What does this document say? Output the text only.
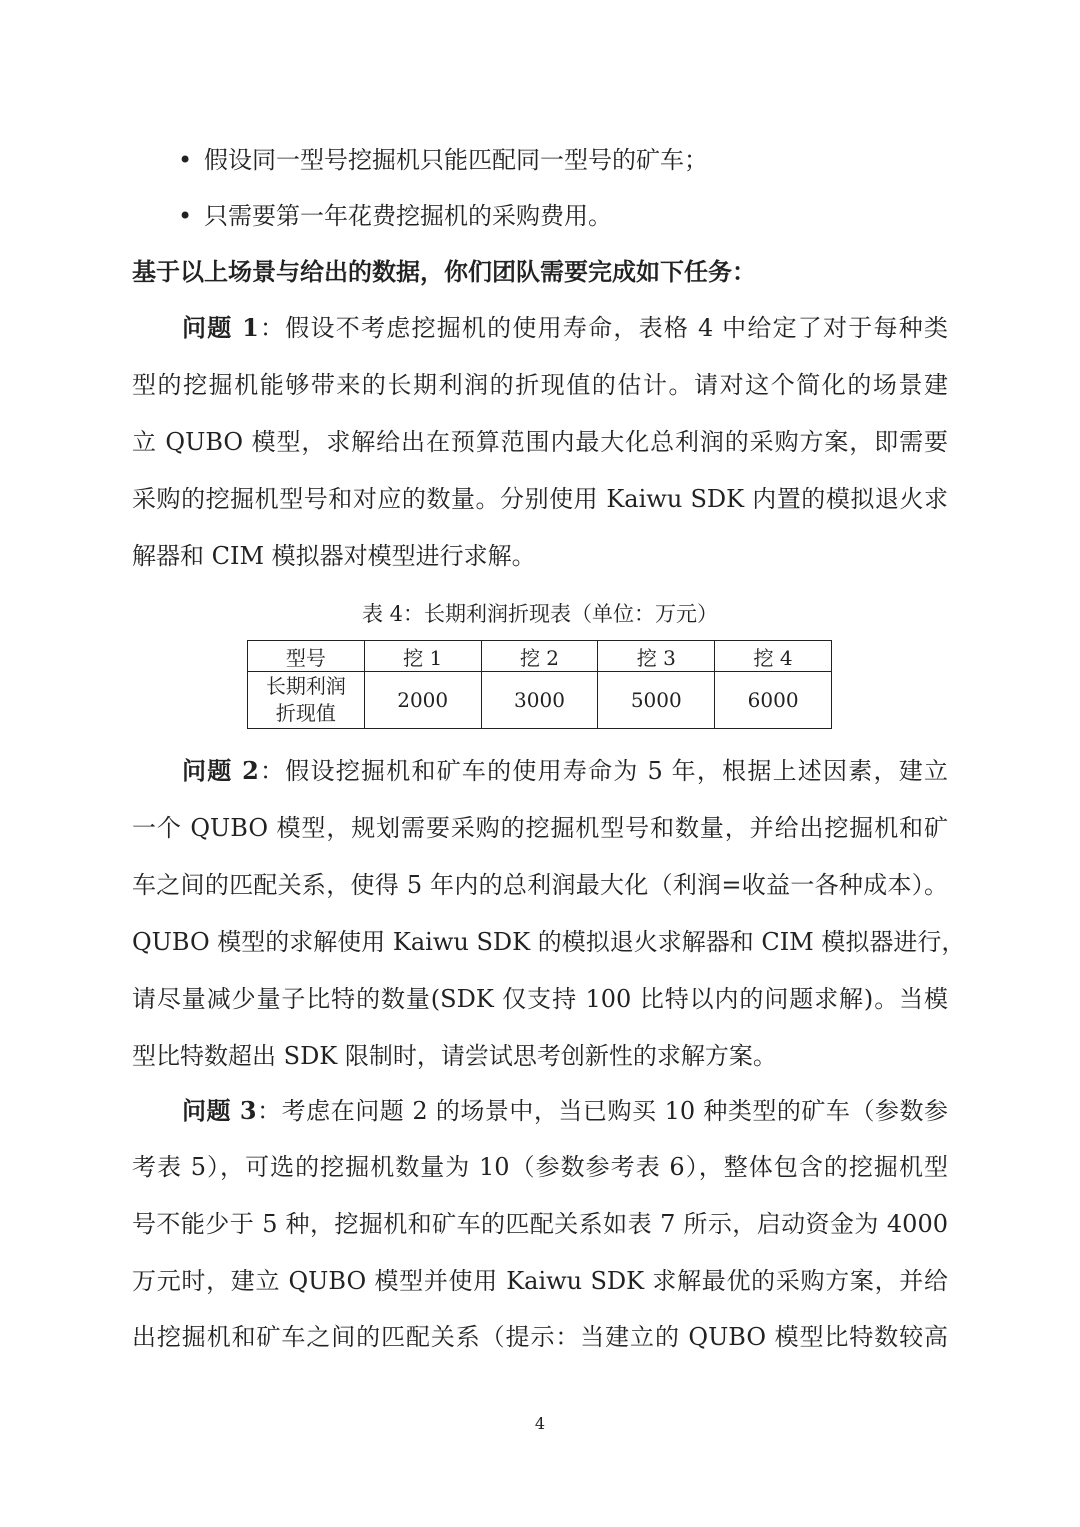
• 假设同一型号挖掘机只能匹配同一型号的矿车；
• 只需要第一年花费挖掘机的采购费用。
基于以上场景与给出的数据，你们团队需要完成如下任务：
问题 1：假设不考虑挖掘机的使用寿命，表格 4 中给定了对于每种类
型的挖掘机能够带来的长期利润的折现值的估计。请对这个简化的场景建
立 QUBO 模型，求解给出在预算范围内最大化总利润的采购方案，即需要
采购的挖掘机型号和对应的数量。分别使用 Kaiwu SDK 内置的模拟退火求
解器和 CIM 模拟器对模型进行求解。
表 4：长期利润折现表（单位：万元）
型号	挖 1	挖 2	挖 3	挖 4

长期利润
折现值	2000	3000	5000	6000
问题 2：假设挖掘机和矿车的使用寿命为 5 年，根据上述因素，建立
一个 QUBO 模型，规划需要采购的挖掘机型号和数量，并给出挖掘机和矿
车之间的匹配关系，使得 5 年内的总利润最大化（利润=收益一各种成本）。
QUBO 模型的求解使用 Kaiwu SDK 的模拟退火求解器和 CIM 模拟器进行，
请尽量减少量子比特的数量(SDK 仅支持 100 比特以内的问题求解)。当模
型比特数超出 SDK 限制时，请尝试思考创新性的求解方案。
问题 3：考虑在问题 2 的场景中，当已购买 10 种类型的矿车（参数参
考表 5），可选的挖掘机数量为 10（参数参考表 6），整体包含的挖掘机型
号不能少于 5 种，挖掘机和矿车的匹配关系如表 7 所示，启动资金为 4000
万元时，建立 QUBO 模型并使用 Kaiwu SDK 求解最优的采购方案，并给
出挖掘机和矿车之间的匹配关系（提示：当建立的 QUBO 模型比特数较高
4
